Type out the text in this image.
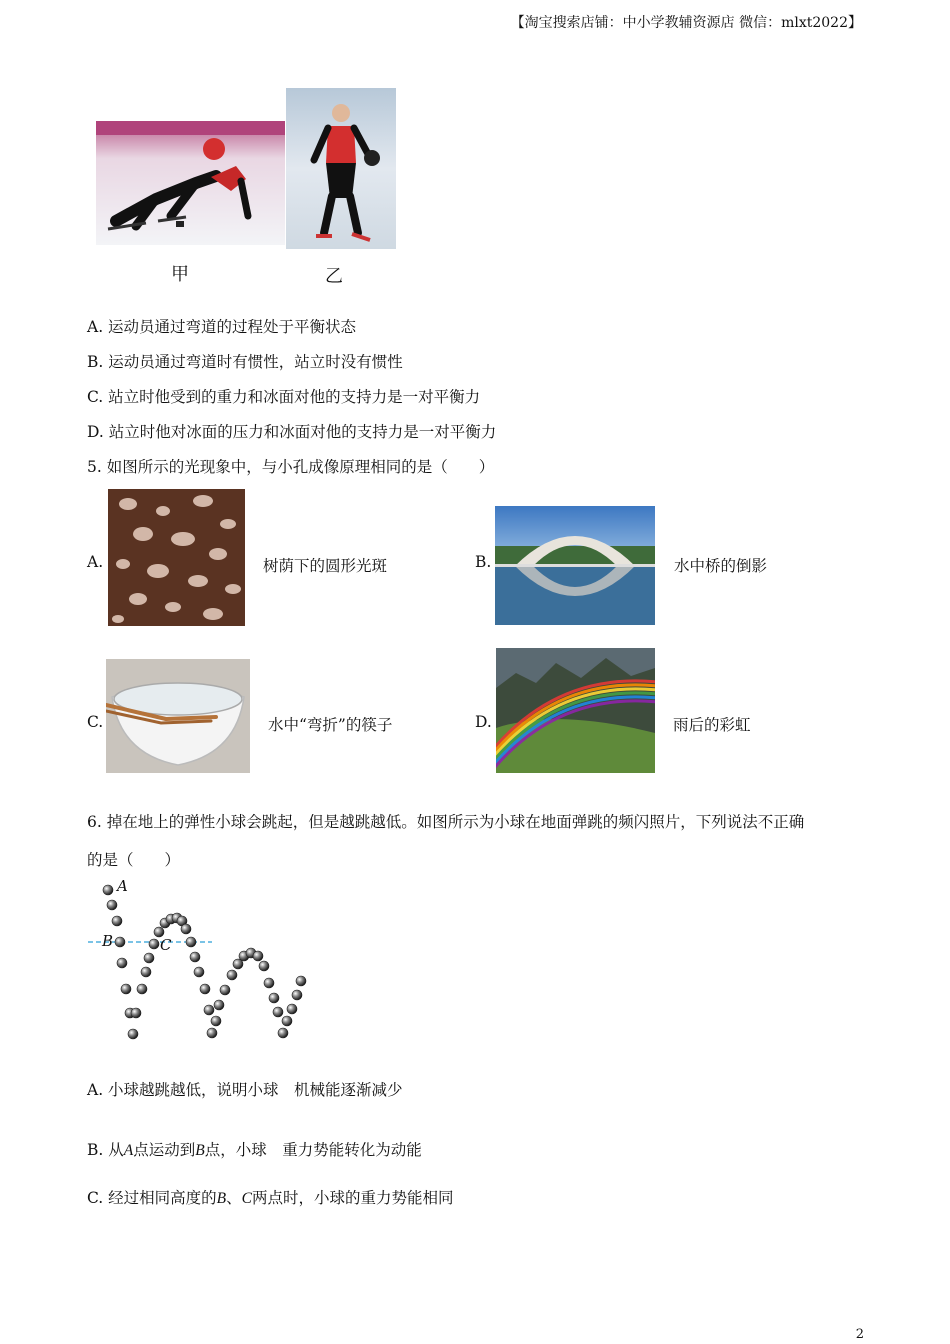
【淘宝搜索店铺：中小学教辅资源店 微信：mlxt2022】
甲	乙
A. 运动员通过弯道的过程处于平衡状态
B. 运动员通过弯道时有惯性，站立时没有惯性
C. 站立时他受到的重力和冰面对他的支持力是一对平衡力
D. 站立时他对冰面的压力和冰面对他的支持力是一对平衡力
5. 如图所示的光现象中，与小孔成像原理相同的是（　　）
A.	树荫下的圆形光斑	B.	水中桥的倒影
C.	水中“弯折”的筷子	D.	雨后的彩虹
6. 掉在地上的弹性小球会跳起，但是越跳越低。如图所示为小球在地面弹跳的频闪照片，下列说法不正确
的是（　　）
A
B	C
A. 小球越跳越低，说明小球　机械能逐渐减少
B. 从A点运动到B点，小球　重力势能转化为动能
C. 经过相同高度的B、C两点时，小球的重力势能相同
2
